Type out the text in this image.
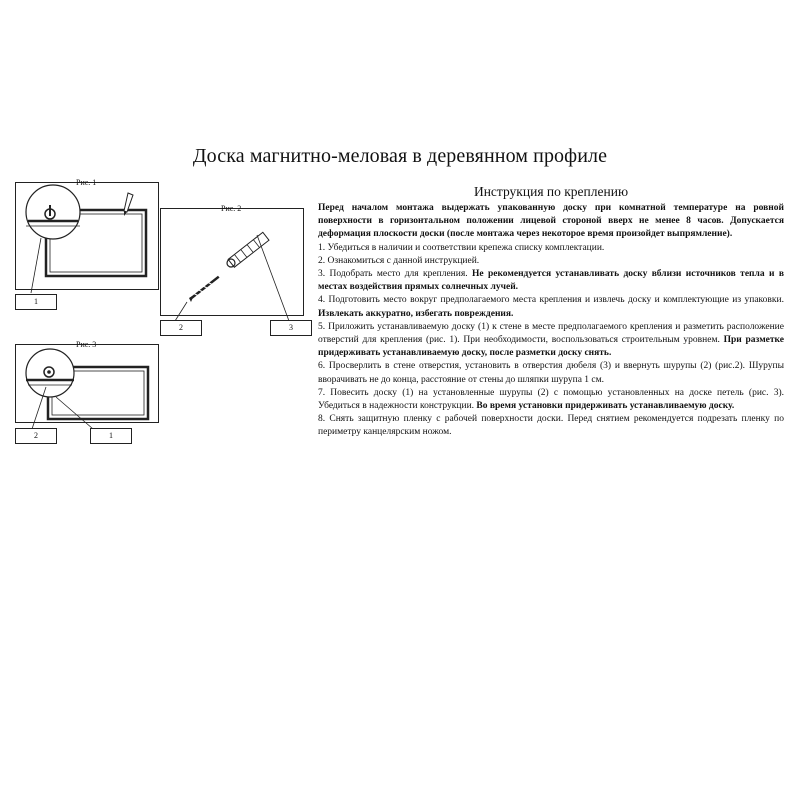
Доска магнитно-меловая в деревянном профиле
Рис. 1
1
Рис. 2
2	3
Рис. 3
2	1
Инструкция по креплению

Перед началом монтажа выдержать упакованную доску при комнатной температуре на ровной поверхности в горизонтальном положении лицевой стороной вверх не менее 8 часов. Допускается деформация плоскости доски (после монтажа через некоторое время произойдет выпрямление).

1. Убедиться в наличии и соответствии крепежа списку комплектации.

2. Ознакомиться с данной инструкцией.

3. Подобрать место для крепления. Не рекомендуется устанавливать доску вблизи источников тепла и в местах воздействия прямых солнечных лучей.

4. Подготовить место вокруг предполагаемого места крепления и извлечь доску и комплектующие из упаковки. Извлекать аккуратно, избегать повреждения.

5. Приложить устанавливаемую доску (1) к стене в месте предполагаемого крепления и разметить расположение отверстий для крепления (рис. 1). При необходимости, воспользоваться строительным уровнем. При разметке придерживать устанавливаемую доску, после разметки доску снять.

6. Просверлить в стене отверстия, установить в отверстия дюбеля (3) и ввернуть шурупы (2) (рис.2). Шурупы вворачивать не до конца, расстояние от стены до шляпки шурупа 1 см.

7. Повесить доску (1) на установленные шурупы (2) с помощью установленных на доске петель (рис. 3). Убедиться в надежности конструкции. Во время установки придерживать устанавливаемую доску.

8. Снять защитную пленку с рабочей поверхности доски. Перед снятием рекомендуется подрезать пленку по периметру канцелярским ножом.
